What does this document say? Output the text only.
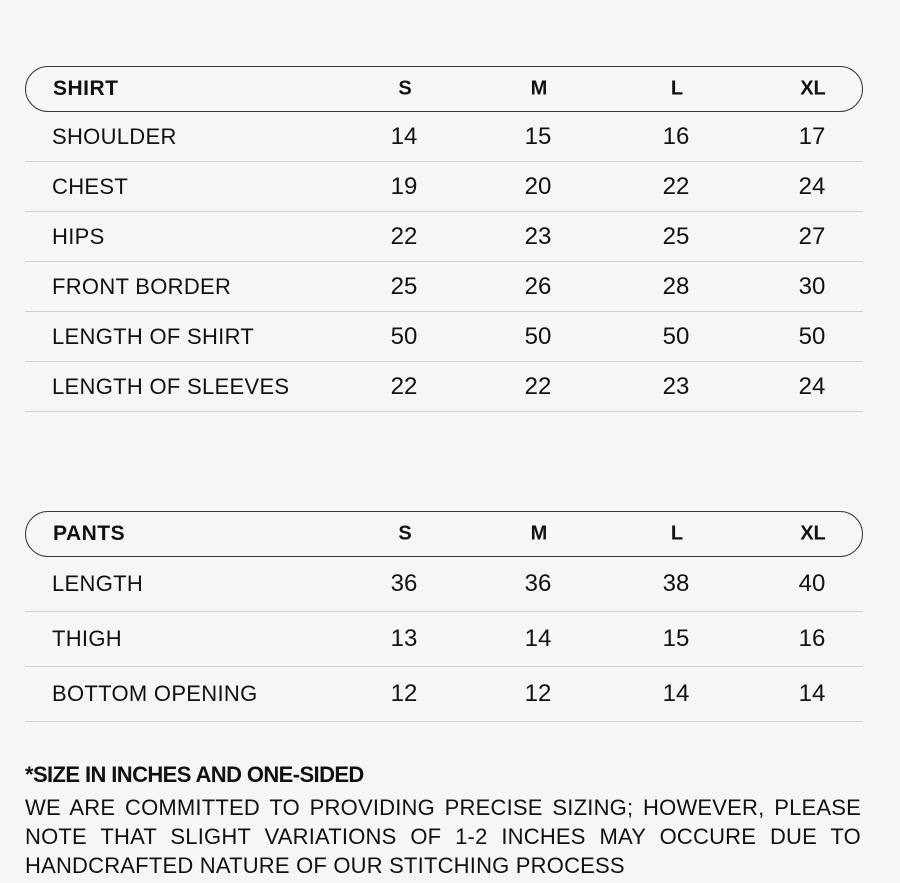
SHIRT	S	M	L	XL
SHOULDER	14	15	16	17
CHEST	19	20	22	24
HIPS	22	23	25	27
FRONT BORDER	25	26	28	30
LENGTH OF SHIRT	50	50	50	50
LENGTH OF SLEEVES	22	22	23	24
PANTS	S	M	L	XL
LENGTH	36	36	38	40
THIGH	13	14	15	16
BOTTOM OPENING	12	12	14	14

*SIZE IN INCHES AND ONE-SIDED

WE ARE COMMITTED TO PROVIDING PRECISE SIZING; HOWEVER, PLEASE NOTE THAT SLIGHT VARIATIONS OF 1-2 INCHES MAY OCCURE DUE TO HANDCRAFTED NATURE OF OUR STITCHING PROCESS
